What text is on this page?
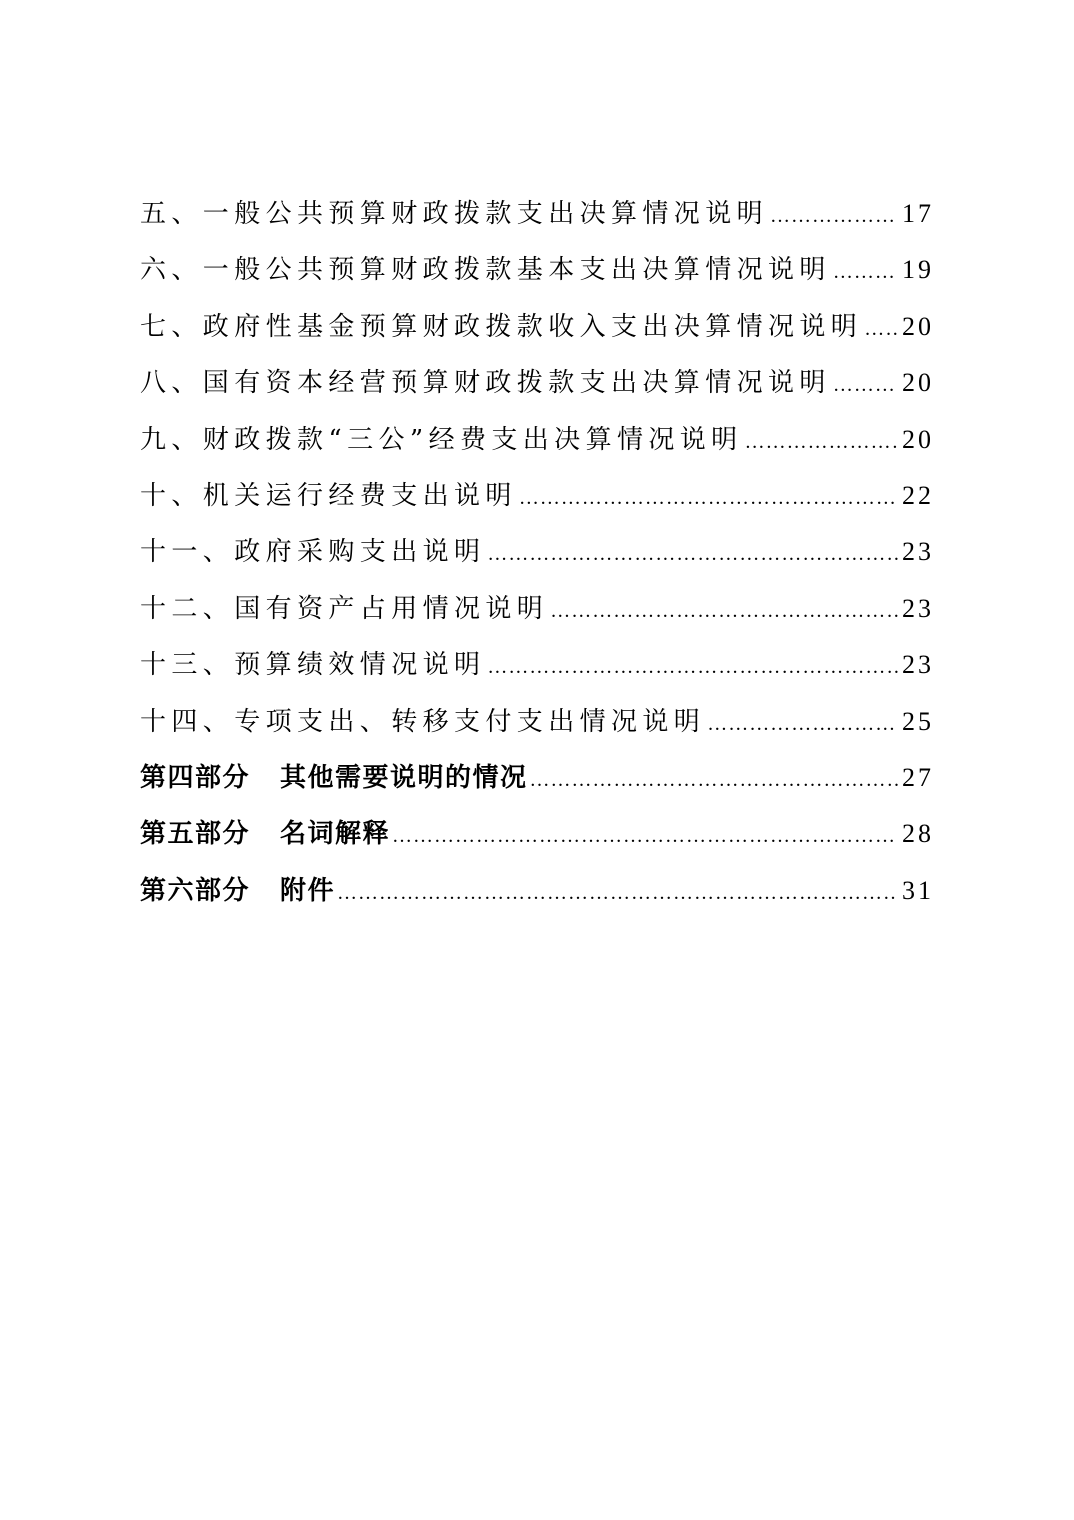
五、一般公共预算财政拨款支出决算情况说明 ……………………………………………………………………………………………………………………………………………………………………………………	17
六、一般公共预算财政拨款基本支出决算情况说明 ……………………………………………………………………………………………………………………………………………………………………………………	19
七、政府性基金预算财政拨款收入支出决算情况说明 …………………………………………………………………………………………………………………………………………………………………………………… 20
八、国有资本经营预算财政拨款支出决算情况说明 ……………………………………………………………………………………………………………………………………………………………………………………	20
九、财政拨款“三公”经费支出决算情况说明 ……………………………………………………………………………………………………………………………………………………………………………………	20
十、机关运行经费支出说明 ……………………………………………………………………………………………………………………………………………………………………………………	22
十一、政府采购支出说明 ……………………………………………………………………………………………………………………………………………………………………………………	23
十二、国有资产占用情况说明 ……………………………………………………………………………………………………………………………………………………………………………………	23
十三、预算绩效情况说明 ……………………………………………………………………………………………………………………………………………………………………………………	23
十四、专项支出、转移支付支出情况说明 ……………………………………………………………………………………………………………………………………………………………………………………	25
第四部分 其他需要说明的情况 ……………………………………………………………………………………………………………………………………………………………………………………	27
第五部分 名词解释 ……………………………………………………………………………………………………………………………………………………………………………………	28
第六部分 附件 ……………………………………………………………………………………………………………………………………………………………………………………	31
